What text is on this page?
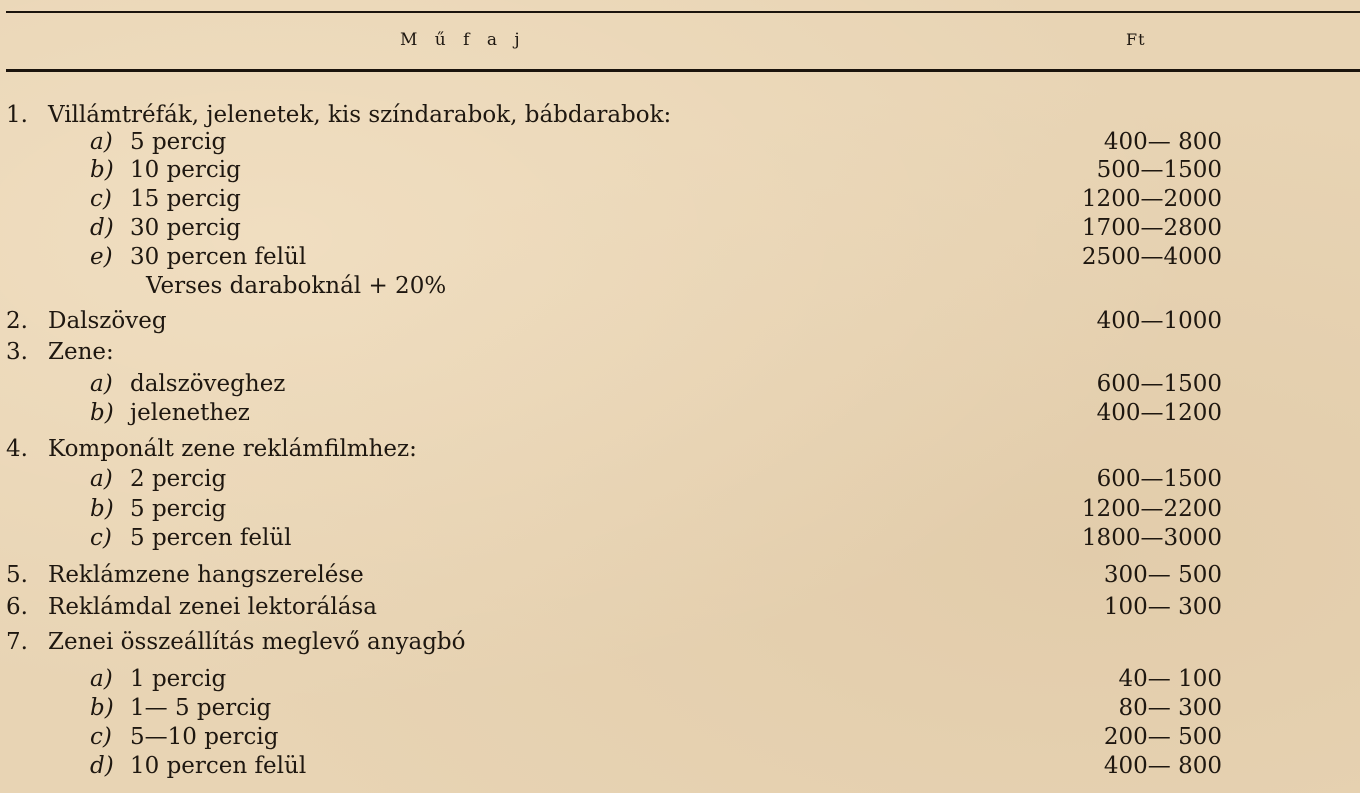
M ű f a j	Ft
1. Villámtréfák, jelenetek, kis színdarabok, bábdarabok:
a) 5 percig	400— 800
b) 10 percig	500—1500
c) 15 percig	1200—2000
d) 30 percig	1700—2800
e) 30 percen felül	2500—4000
Verses daraboknál + 20%
2. Dalszöveg	400—1000
3. Zene:
a) dalszöveghez	600—1500
b) jelenethez	400—1200
4. Komponált zene reklámfilmhez:
a) 2 percig	600—1500
b) 5 percig	1200—2200
c) 5 percen felül	1800—3000
5. Reklámzene hangszerelése	300— 500
6. Reklámdal zenei lektorálása	100— 300
7. Zenei összeállítás meglevő anyagbó
a) 1 percig	40— 100
b) 1— 5 percig	80— 300
c) 5—10 percig	200— 500
d) 10 percen felül	400— 800
